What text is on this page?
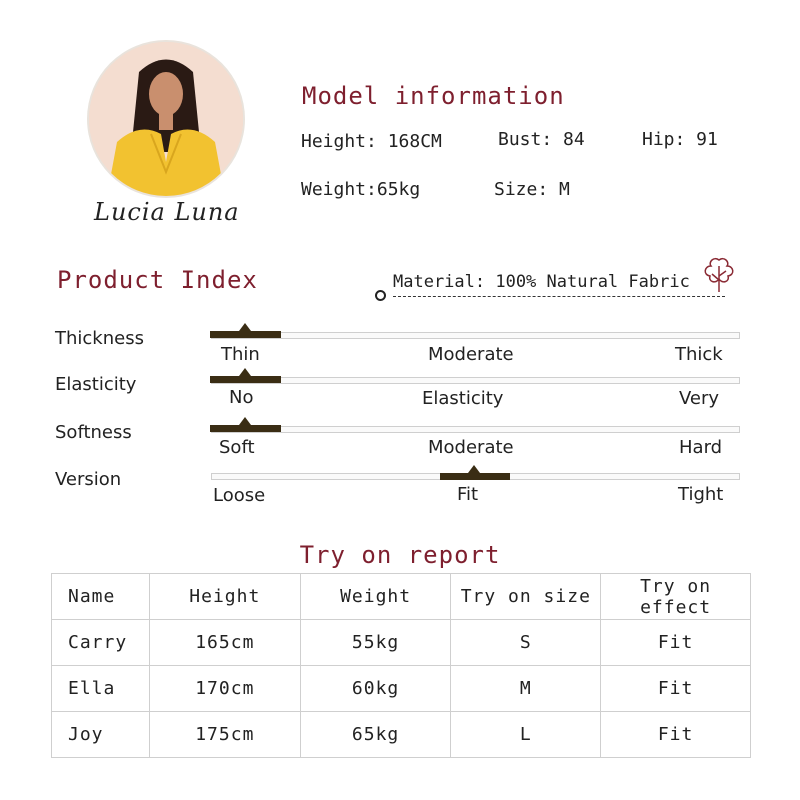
Lucia Luna
Model information
Height: 168CM	Bust: 84	Hip: 91
Weight:65kg	Size: M
Product Index	Material: 100% Natural Fabric
Thickness
Thin	Moderate	Thick
Elasticity
No	Elasticity	Very
Softness
Soft	Moderate	Hard
Version
Loose	Fit	Tight
Try on report
Name	Height	Weight	Try on size	Try on effect
Carry	165cm	55kg	S	Fit
Ella	170cm	60kg	M	Fit
Joy	175cm	65kg	L	Fit
